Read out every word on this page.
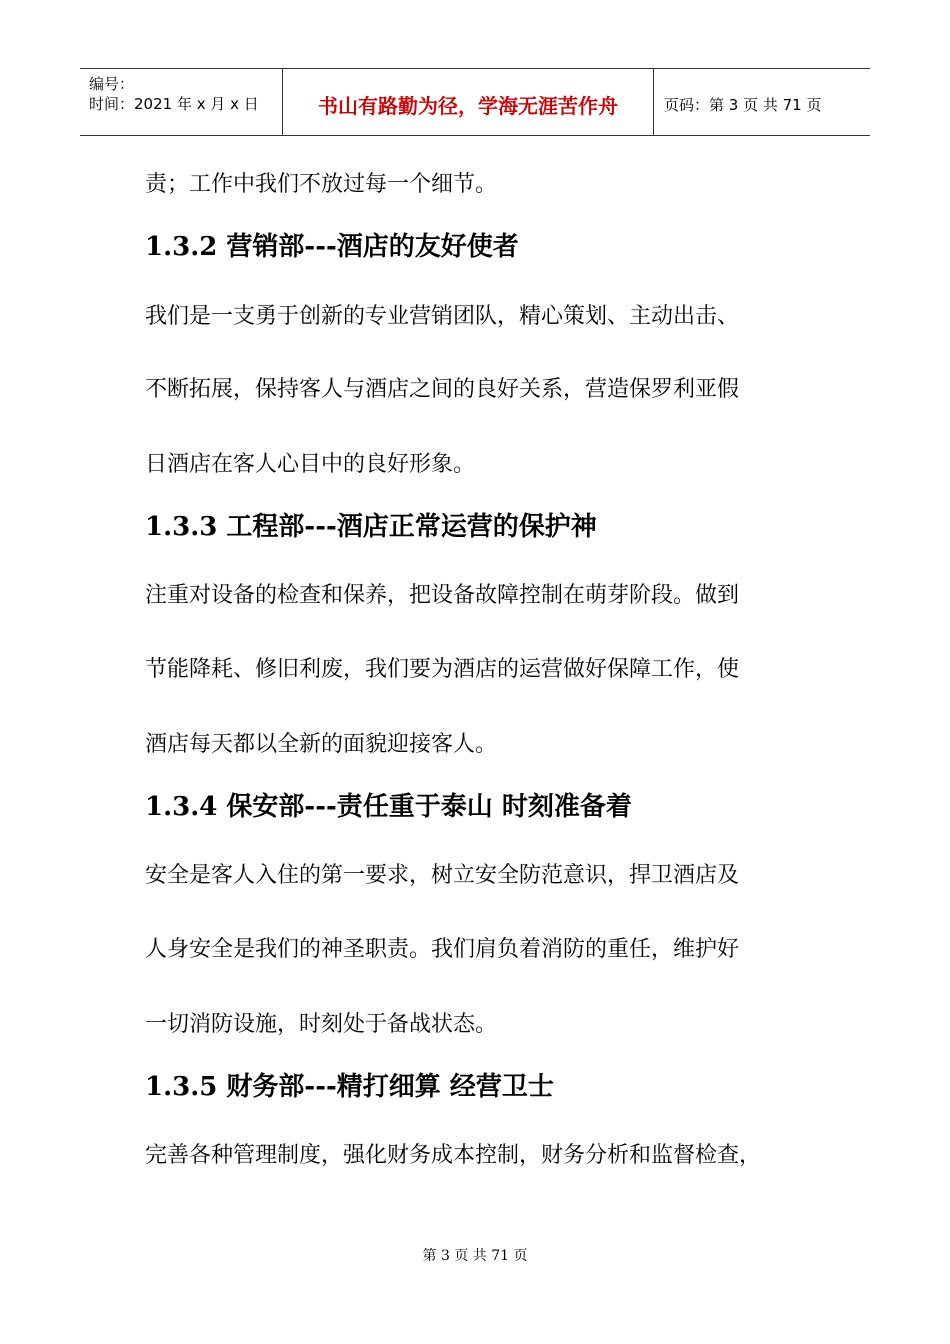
编号：
时间：2021 年 x 月 x 日	书山有路勤为径，学海无涯苦作舟	页码：第 3 页 共 71 页
责；工作中我们不放过每一个细节。
1.3.2 营销部---酒店的友好使者
我们是一支勇于创新的专业营销团队，精心策划、主动出击、
不断拓展，保持客人与酒店之间的良好关系，营造保罗利亚假
日酒店在客人心目中的良好形象。
1.3.3 工程部---酒店正常运营的保护神
注重对设备的检查和保养，把设备故障控制在萌芽阶段。做到
节能降耗、修旧利废，我们要为酒店的运营做好保障工作，使
酒店每天都以全新的面貌迎接客人。
1.3.4 保安部---责任重于泰山 时刻准备着
安全是客人入住的第一要求，树立安全防范意识，捍卫酒店及
人身安全是我们的神圣职责。我们肩负着消防的重任，维护好
一切消防设施，时刻处于备战状态。
1.3.5 财务部---精打细算 经营卫士
完善各种管理制度，强化财务成本控制，财务分析和监督检查，
第 3 页 共 71 页
